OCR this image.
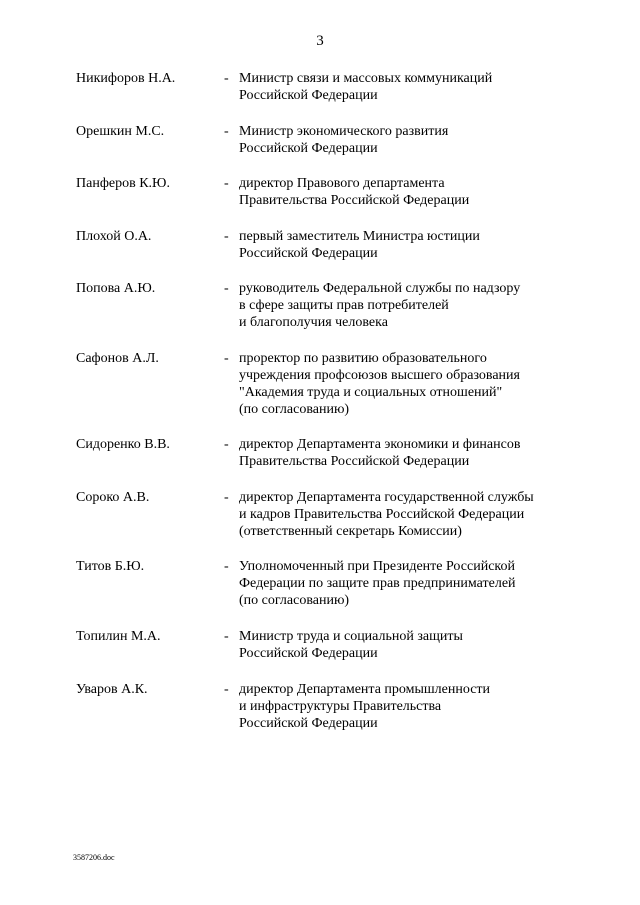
3
Никифоров Н.А.	- Министр связи и массовых коммуникаций
Российской Федерации
Орешкин М.С.	- Министр экономического развития
Российской Федерации
Панферов К.Ю.	- директор Правового департамента
Правительства Российской Федерации
Плохой О.А.	- первый заместитель Министра юстиции
Российской Федерации
Попова А.Ю.	- руководитель Федеральной службы по надзору
в сфере защиты прав потребителей
и благополучия человека
Сафонов А.Л.	- проректор по развитию образовательного
учреждения профсоюзов высшего образования
"Академия труда и социальных отношений"
(по согласованию)
Сидоренко В.В.	- директор Департамента экономики и финансов
Правительства Российской Федерации
Сороко А.В.	- директор Департамента государственной службы
и кадров Правительства Российской Федерации
(ответственный секретарь Комиссии)
Титов Б.Ю.	- Уполномоченный при Президенте Российской
Федерации по защите прав предпринимателей
(по согласованию)
Топилин М.А.	- Министр труда и социальной защиты
Российской Федерации
Уваров А.К.	- директор Департамента промышленности
и инфраструктуры Правительства
Российской Федерации
3587206.doc
